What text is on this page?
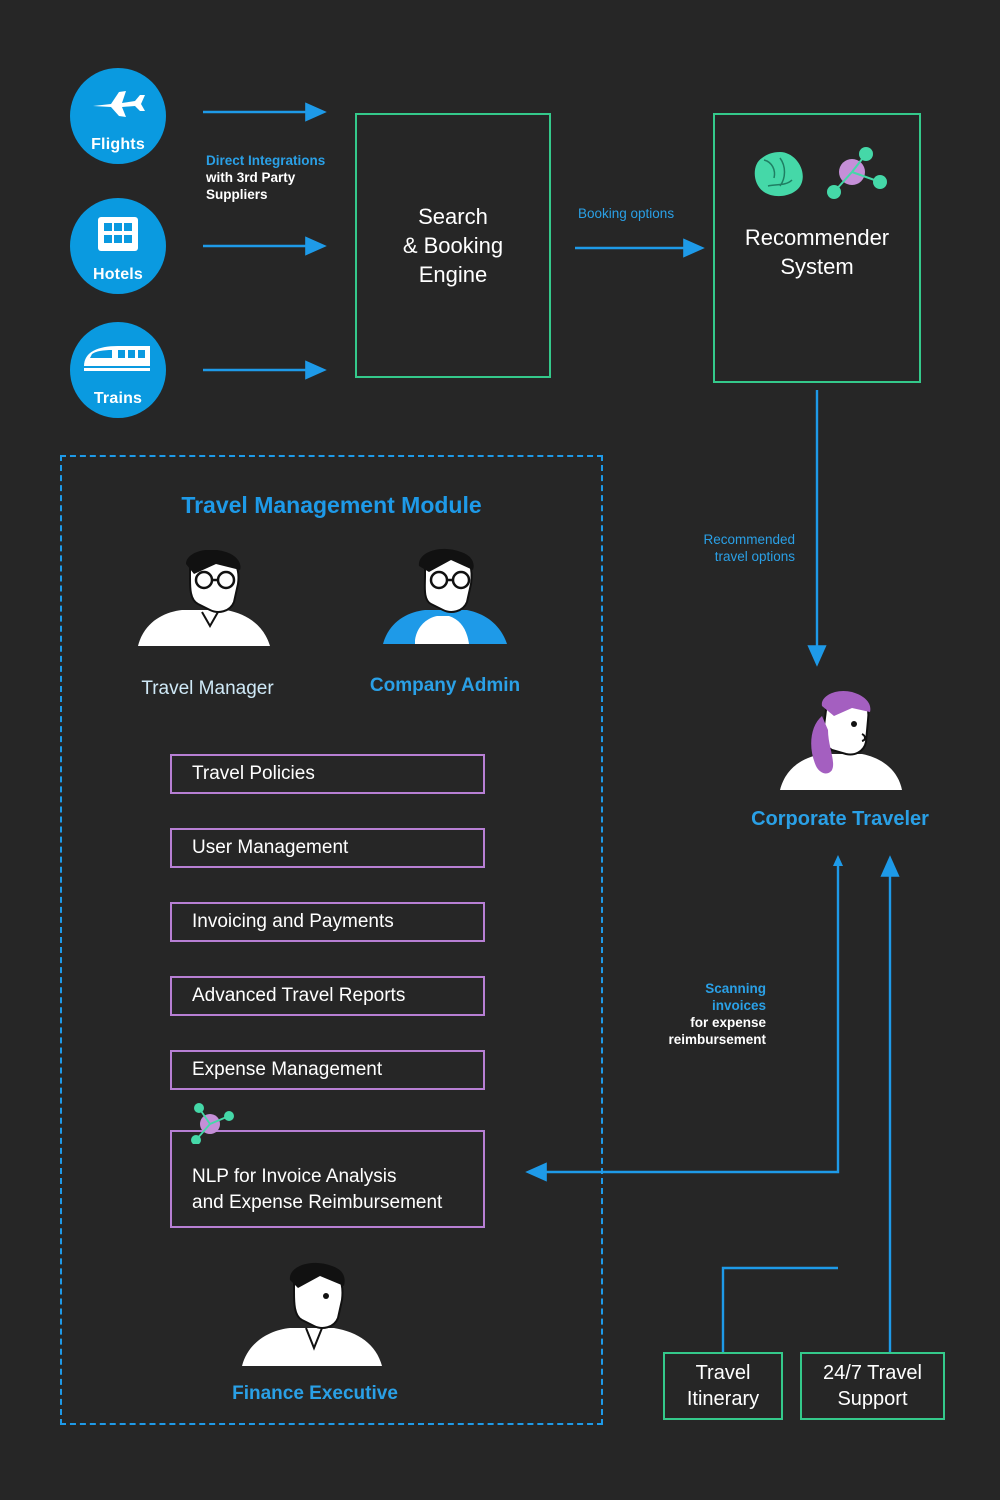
Flights
Hotels
Trains
Direct Integrations
with 3rd Party
Suppliers
Search
& Booking
Engine
Booking options
Recommender
System
Recommended
travel options
Corporate Traveler
Travel Management Module
Travel Manager	Company Admin
Travel Policies
User Management
Invoicing and Payments
Advanced Travel Reports
Expense Management
NLP for Invoice Analysis
and Expense Reimbursement
Finance Executive
Scanning
invoices
for expense
reimbursement
Travel
Itinerary
24/7 Travel
Support
